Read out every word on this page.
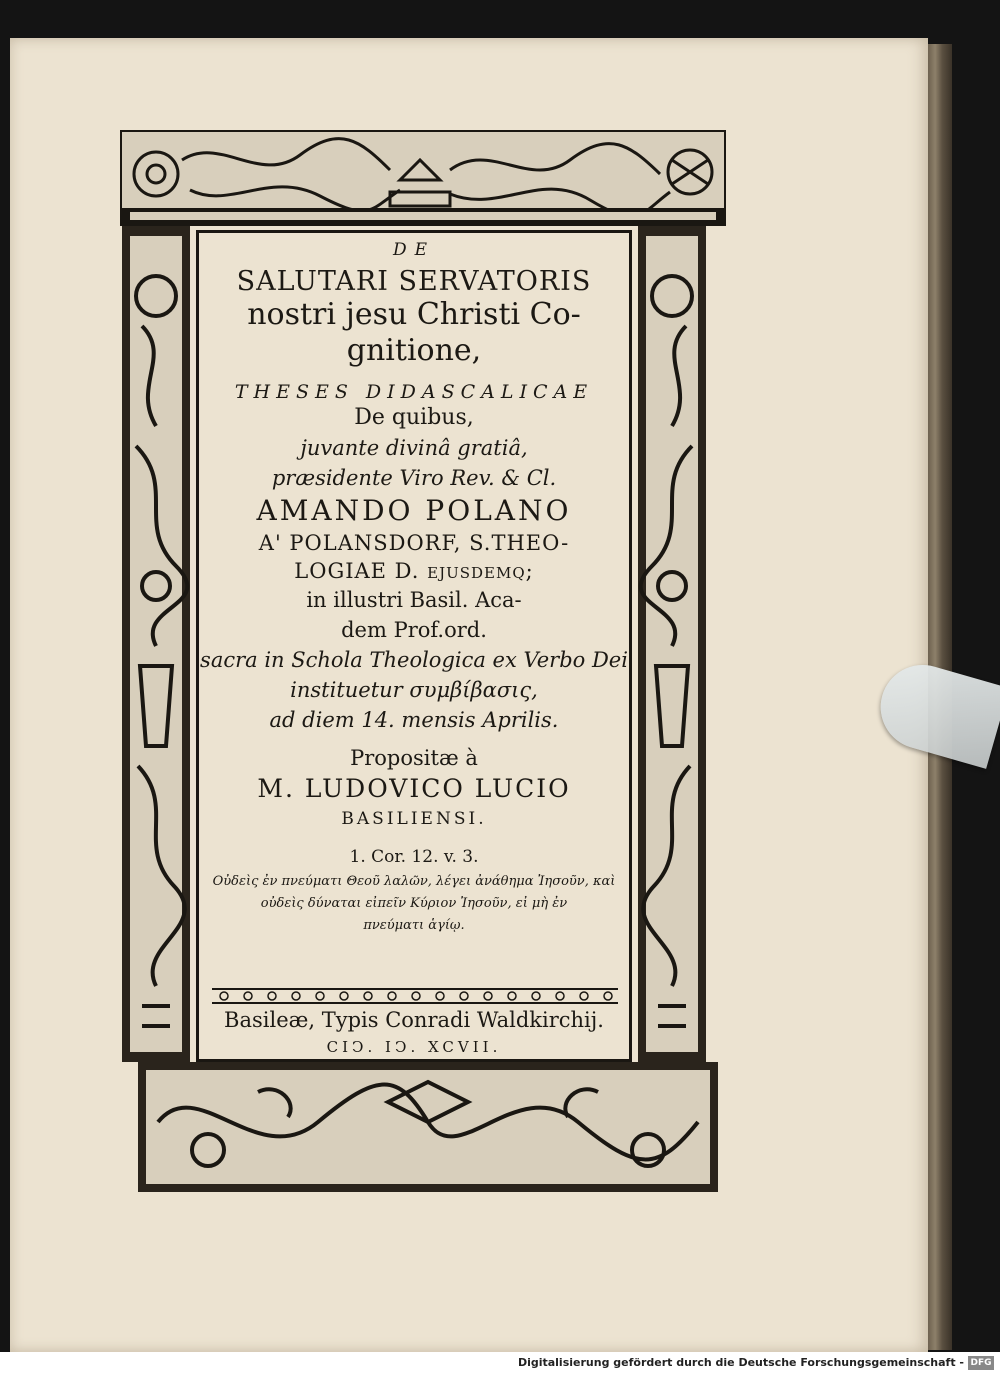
DE
SALUTARI SERVATORIS
nostri jesu Christi Co-
gnitione,
THESES DIDASCALICAE
De quibus,
juvante divinâ gratiâ,
præsidente Viro Rev. & Cl.
AMANDO POLANO
A' POLANSDORF, S.THEO-
LOGIAE D. ejusdemq;
in illustri Basil. Aca-
dem Prof.ord.
sacra in Schola Theologica ex Verbo Dei
instituetur συμβίβασις,
ad diem 14. mensis Aprilis.
Propositæ à
M. LUDOVICO LUCIO
BASILIENSI.
1. Cor. 12. v. 3.
Οὐδεὶς ἐν πνεύματι Θεοῦ λαλῶν, λέγει ἀνάθημα Ἰησοῦν, καὶ
οὐδεὶς δύναται εἰπεῖν Κύριον Ἰησοῦν, εἰ μὴ ἐν
πνεύματι ἁγίῳ.
Basileæ, Typis Conradi Waldkirchij.
CIↃ. IↃ. XCVII.
Digitalisierung gefördert durch die Deutsche Forschungsgemeinschaft - DFG
